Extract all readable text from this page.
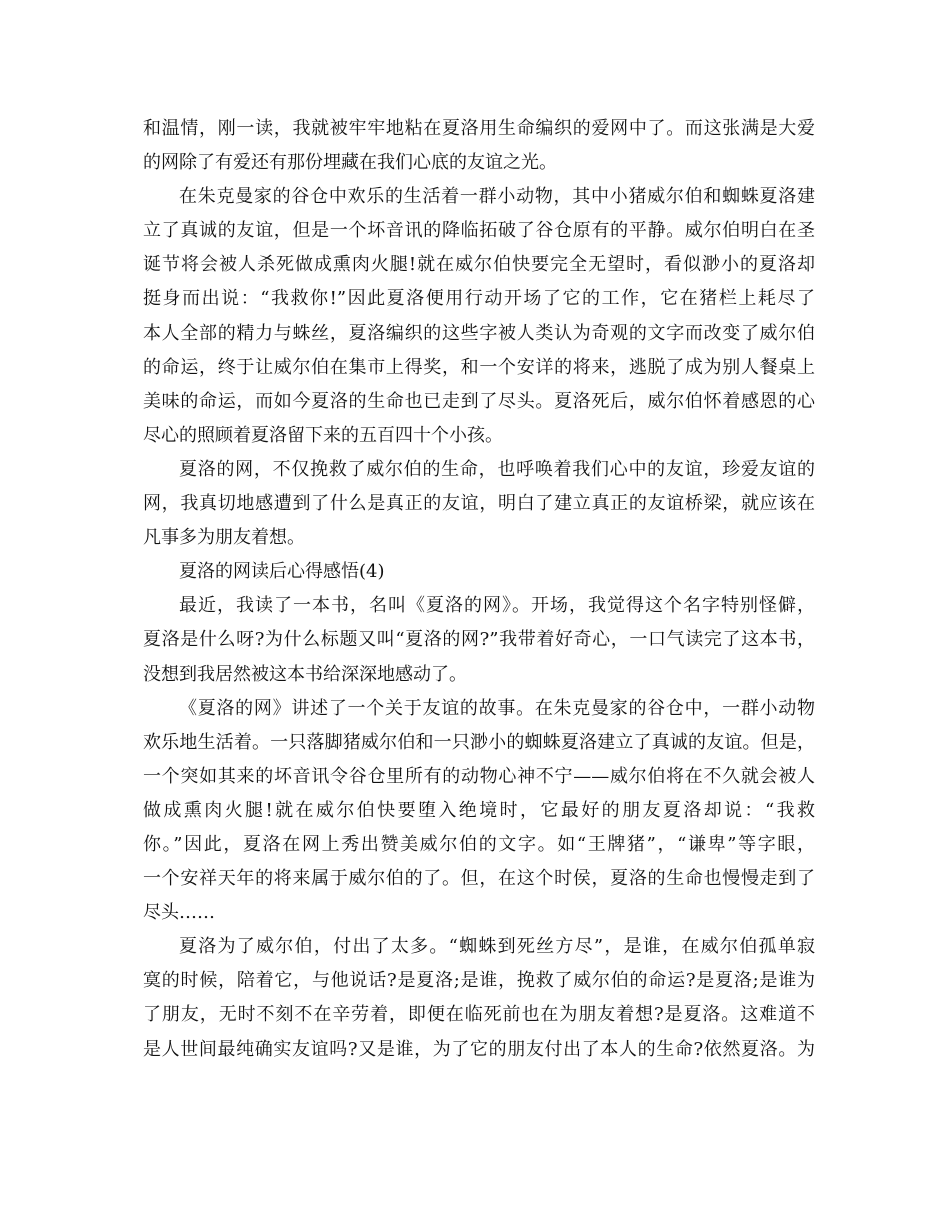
和温情，刚一读，我就被牢牢地粘在夏洛用生命编织的爱网中了。而这张满是大爱
的网除了有爱还有那份埋藏在我们心底的友谊之光。
在朱克曼家的谷仓中欢乐的生活着一群小动物，其中小猪威尔伯和蜘蛛夏洛建
立了真诚的友谊，但是一个坏音讯的降临拓破了谷仓原有的平静。威尔伯明白在圣
诞节将会被人杀死做成熏肉火腿!就在威尔伯快要完全无望时，看似渺小的夏洛却
挺身而出说：“我救你!”因此夏洛便用行动开场了它的工作，它在猪栏上耗尽了
本人全部的精力与蛛丝，夏洛编织的这些字被人类认为奇观的文字而改变了威尔伯
的命运，终于让威尔伯在集市上得奖，和一个安详的将来，逃脱了成为别人餐桌上
美味的命运，而如今夏洛的生命也已走到了尽头。夏洛死后，威尔伯怀着感恩的心
尽心的照顾着夏洛留下来的五百四十个小孩。
夏洛的网，不仅挽救了威尔伯的生命，也呼唤着我们心中的友谊，珍爱友谊的
网，我真切地感遭到了什么是真正的友谊，明白了建立真正的友谊桥梁，就应该在
凡事多为朋友着想。
夏洛的网读后心得感悟(4)
最近，我读了一本书，名叫《夏洛的网》。开场，我觉得这个名字特别怪僻，
夏洛是什么呀?为什么标题又叫“夏洛的网?”我带着好奇心，一口气读完了这本书，
没想到我居然被这本书给深深地感动了。
《夏洛的网》讲述了一个关于友谊的故事。在朱克曼家的谷仓中，一群小动物
欢乐地生活着。一只落脚猪威尔伯和一只渺小的蜘蛛夏洛建立了真诚的友谊。但是，
一个突如其来的坏音讯令谷仓里所有的动物心神不宁——威尔伯将在不久就会被人
做成熏肉火腿!就在威尔伯快要堕入绝境时，它最好的朋友夏洛却说：“我救
你。”因此，夏洛在网上秀出赞美威尔伯的文字。如“王牌猪”，“谦卑”等字眼，
一个安祥天年的将来属于威尔伯的了。但，在这个时侯，夏洛的生命也慢慢走到了
尽头……
夏洛为了威尔伯，付出了太多。“蜘蛛到死丝方尽”，是谁，在威尔伯孤单寂
寞的时候，陪着它，与他说话?是夏洛;是谁，挽救了威尔伯的命运?是夏洛;是谁为
了朋友，无时不刻不在辛劳着，即便在临死前也在为朋友着想?是夏洛。这难道不
是人世间最纯确实友谊吗?又是谁，为了它的朋友付出了本人的生命?依然夏洛。为
